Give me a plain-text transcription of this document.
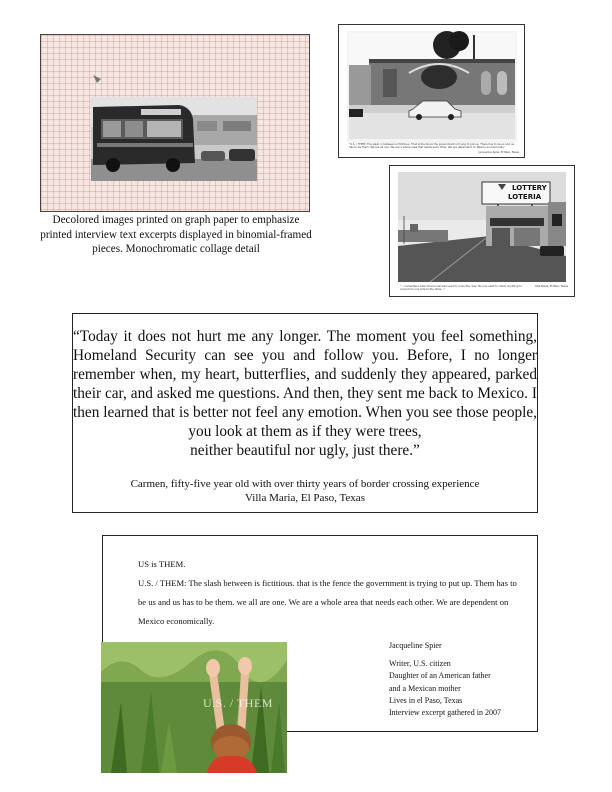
Decolored images printed on graph paper to emphasize printed interview text excerpts displayed in binomial-framed pieces. Monochromatic collage detail
"U.S. / THEM: The slash in between is fictitious. That is the fence the government is trying to put up. There has to be us and us has to be them. We are all one. We are a whole area that needs each other. We are dependent on Mexico economically."
Jacqueline Spier, El Paso, Texas
LOTTERY
LOTERIA
"...I remember when the tunnel was used to cross the river. No one used to check anything to cross from one side to the other..."
Villa Maria, El Paso, Texas
“Today it does not hurt me any longer. The moment you feel something, Homeland Security can see you and follow you. Before, I no longer remember when, my heart, butterflies, and suddenly they appeared, parked their car, and asked me questions. And then, they sent me back to Mexico. I then learned that is better not feel any emotion. When you see those people, you look at them as if they were trees,
neither beautiful nor ugly, just there.”
Carmen, fifty-five year old with over thirty years of border crossing experience
Villa Maria, El Paso, Texas
US is THEM.
U.S. / THEM: The slash between is fictitious. that is the fence the government is trying to put up. Them has to be us and us has to be them. we all are one. We are a whole area that needs each other. We are dependent on Mexico economically.
Jacqueline Spier
Writer, U.S. citizen
Daughter of an American father
and a Mexican mother
Lives in el Paso, Texas
Interview excerpt gathered in 2007
U.S. / THEM
